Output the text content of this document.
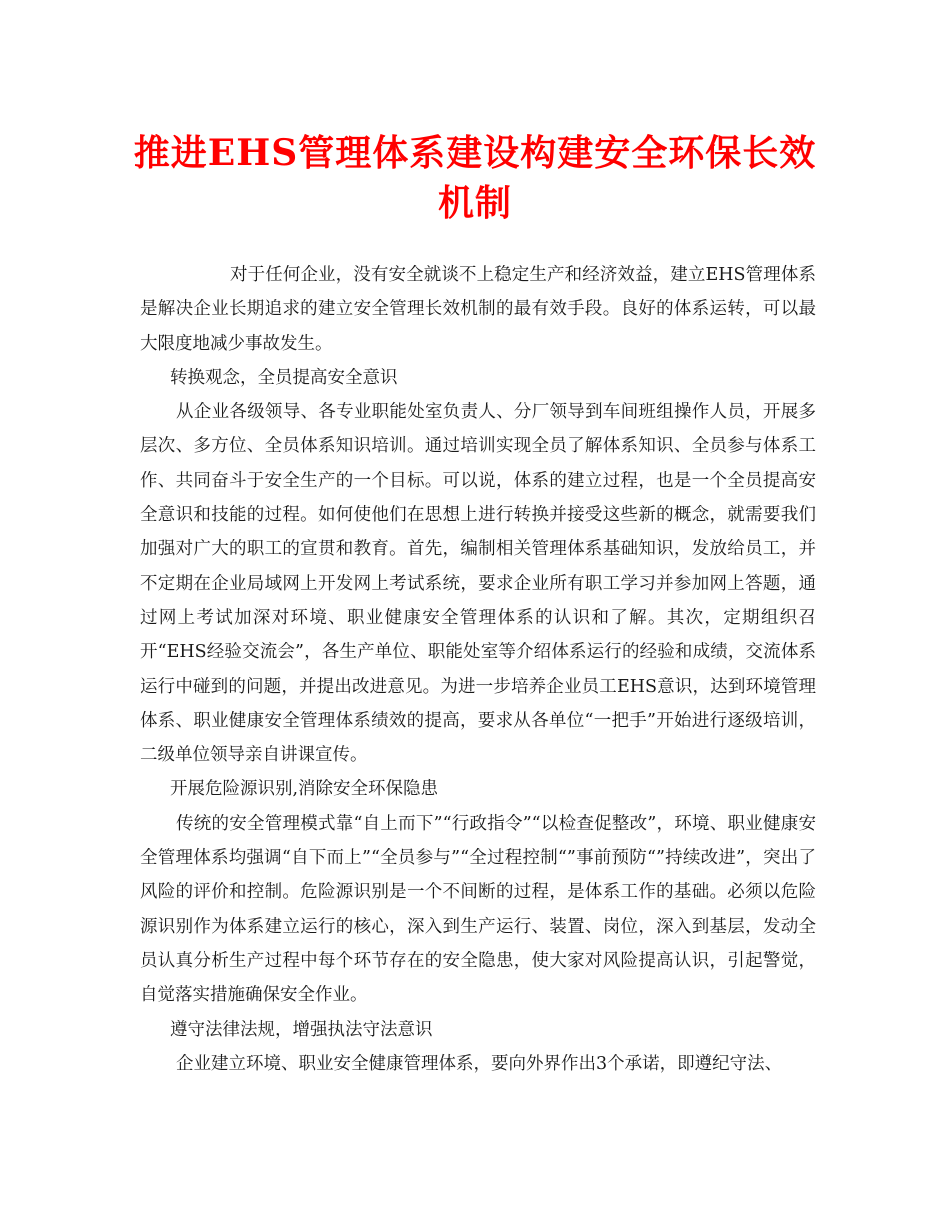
推进EHS管理体系建设构建安全环保长效机制

对于任何企业，没有安全就谈不上稳定生产和经济效益，建立EHS管理体系是解决企业长期追求的建立安全管理长效机制的最有效手段。良好的体系运转，可以最大限度地减少事故发生。

转换观念，全员提高安全意识

从企业各级领导、各专业职能处室负责人、分厂领导到车间班组操作人员，开展多层次、多方位、全员体系知识培训。通过培训实现全员了解体系知识、全员参与体系工作、共同奋斗于安全生产的一个目标。可以说，体系的建立过程，也是一个全员提高安全意识和技能的过程。如何使他们在思想上进行转换并接受这些新的概念，就需要我们加强对广大的职工的宣贯和教育。首先，编制相关管理体系基础知识，发放给员工，并不定期在企业局域网上开发网上考试系统，要求企业所有职工学习并参加网上答题，通过网上考试加深对环境、职业健康安全管理体系的认识和了解。其次，定期组织召开“EHS经验交流会”，各生产单位、职能处室等介绍体系运行的经验和成绩，交流体系运行中碰到的问题，并提出改进意见。为进一步培养企业员工EHS意识，达到环境管理体系、职业健康安全管理体系绩效的提高，要求从各单位“一把手”开始进行逐级培训，二级单位领导亲自讲课宣传。

开展危险源识别,消除安全环保隐患

传统的安全管理模式靠“自上而下”“行政指令”“以检查促整改”，环境、职业健康安全管理体系均强调“自下而上”“全员参与”“全过程控制“”事前预防“”持续改进”，突出了风险的评价和控制。危险源识别是一个不间断的过程，是体系工作的基础。必须以危险源识别作为体系建立运行的核心，深入到生产运行、装置、岗位，深入到基层，发动全员认真分析生产过程中每个环节存在的安全隐患，使大家对风险提高认识，引起警觉，自觉落实措施确保安全作业。

遵守法律法规，增强执法守法意识

企业建立环境、职业安全健康管理体系，要向外界作出3个承诺，即遵纪守法、
